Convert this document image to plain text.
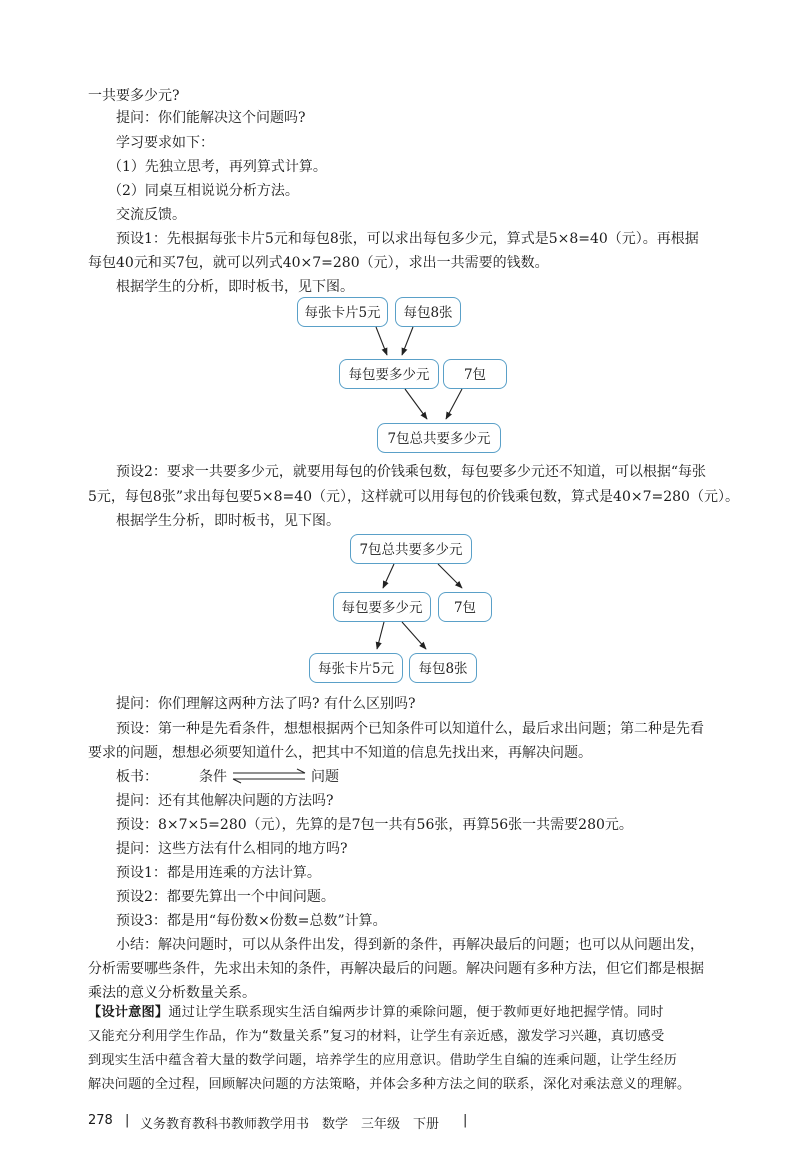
一共要多少元?
提问：你们能解决这个问题吗?
学习要求如下：
（1）先独立思考，再列算式计算。
（2）同桌互相说说分析方法。
交流反馈。
预设1：先根据每张卡片5元和每包8张，可以求出每包多少元，算式是5×8=40（元）。再根据
每包40元和买7包，就可以列式40×7=280（元），求出一共需要的钱数。
根据学生的分析，即时板书，见下图。
每张卡片5元	每包8张
每包要多少元	7包
7包总共要多少元
预设2：要求一共要多少元，就要用每包的价钱乘包数，每包要多少元还不知道，可以根据“每张
5元，每包8张”求出每包要5×8=40（元），这样就可以用每包的价钱乘包数，算式是40×7=280（元）。
根据学生分析，即时板书，见下图。
7包总共要多少元
每包要多少元	7包
每张卡片5元	每包8张
提问：你们理解这两种方法了吗? 有什么区别吗?
预设：第一种是先看条件，想想根据两个已知条件可以知道什么，最后求出问题；第二种是先看
要求的问题，想想必须要知道什么，把其中不知道的信息先找出来，再解决问题。
板书：	条件	问题
提问：还有其他解决问题的方法吗?
预设：8×7×5=280（元），先算的是7包一共有56张，再算56张一共需要280元。
提问：这些方法有什么相同的地方吗?
预设1：都是用连乘的方法计算。
预设2：都要先算出一个中间问题。
预设3：都是用“每份数×份数=总数”计算。
小结：解决问题时，可以从条件出发，得到新的条件，再解决最后的问题；也可以从问题出发，
分析需要哪些条件，先求出未知的条件，再解决最后的问题。解决问题有多种方法，但它们都是根据
乘法的意义分析数量关系。
【设计意图】通过让学生联系现实生活自编两步计算的乘除问题，便于教师更好地把握学情。同时
又能充分利用学生作品，作为“数量关系”复习的材料，让学生有亲近感，激发学习兴趣，真切感受
到现实生活中蕴含着大量的数学问题，培养学生的应用意识。借助学生自编的连乘问题，让学生经历
解决问题的全过程，回顾解决问题的方法策略，并体会多种方法之间的联系，深化对乘法意义的理解。
278 | 义务教育教科书教师教学用书　数学　三年级　下册 |
